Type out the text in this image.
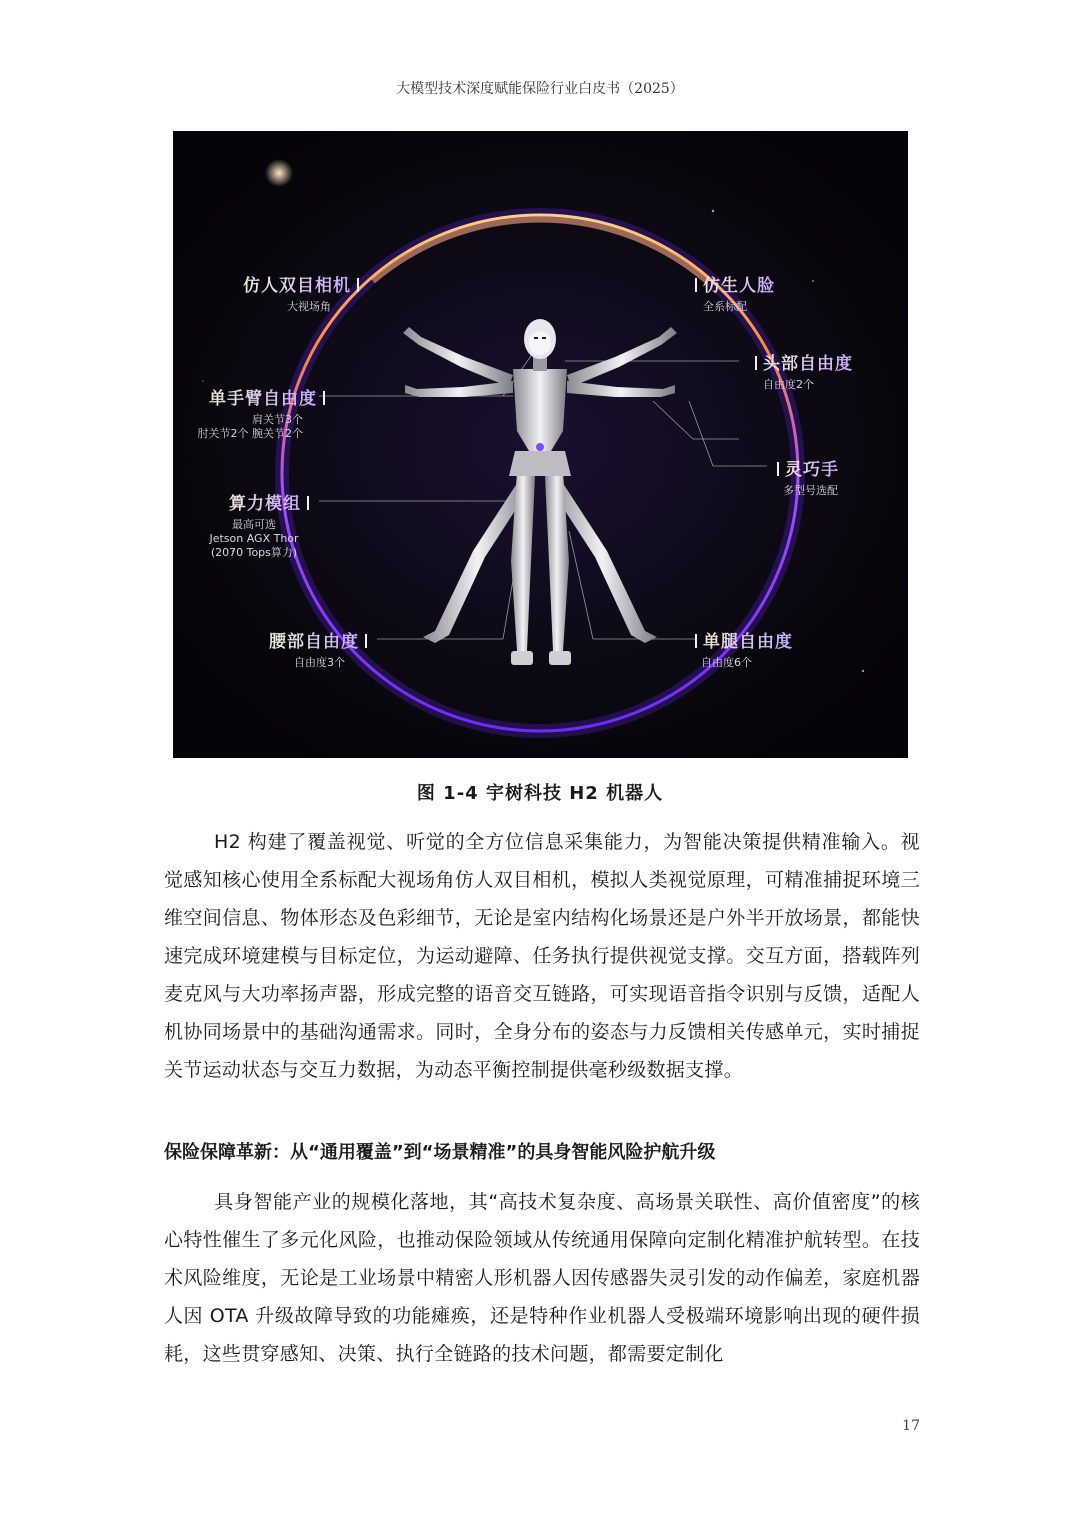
大模型技术深度赋能保险行业白皮书（2025）
仿人双目相机
大视场角
仿生人脸
全系标配
头部自由度
自由度2个
单手臂自由度
肩关节3个
肘关节2个 腕关节2个
灵巧手
多型号选配
算力模组
最高可选
Jetson AGX Thor
(2070 Tops算力)
腰部自由度
自由度3个
单腿自由度
自由度6个
图 1-4 宇树科技 H2 机器人
H2 构建了覆盖视觉、听觉的全方位信息采集能力，为智能决策提供精准输入。视觉感知核心使用全系标配大视场角仿人双目相机，模拟人类视觉原理，可精准捕捉环境三维空间信息、物体形态及色彩细节，无论是室内结构化场景还是户外半开放场景，都能快速完成环境建模与目标定位，为运动避障、任务执行提供视觉支撑。交互方面，搭载阵列麦克风与大功率扬声器，形成完整的语音交互链路，可实现语音指令识别与反馈，适配人机协同场景中的基础沟通需求。同时，全身分布的姿态与力反馈相关传感单元，实时捕捉关节运动状态与交互力数据，为动态平衡控制提供毫秒级数据支撑。
保险保障革新：从“通用覆盖”到“场景精准”的具身智能风险护航升级
具身智能产业的规模化落地，其“高技术复杂度、高场景关联性、高价值密度”的核心特性催生了多元化风险，也推动保险领域从传统通用保障向定制化精准护航转型。在技术风险维度，无论是工业场景中精密人形机器人因传感器失灵引发的动作偏差，家庭机器人因 OTA 升级故障导致的功能瘫痪，还是特种作业机器人受极端环境影响出现的硬件损耗，这些贯穿感知、决策、执行全链路的技术问题，都需要定制化
17
